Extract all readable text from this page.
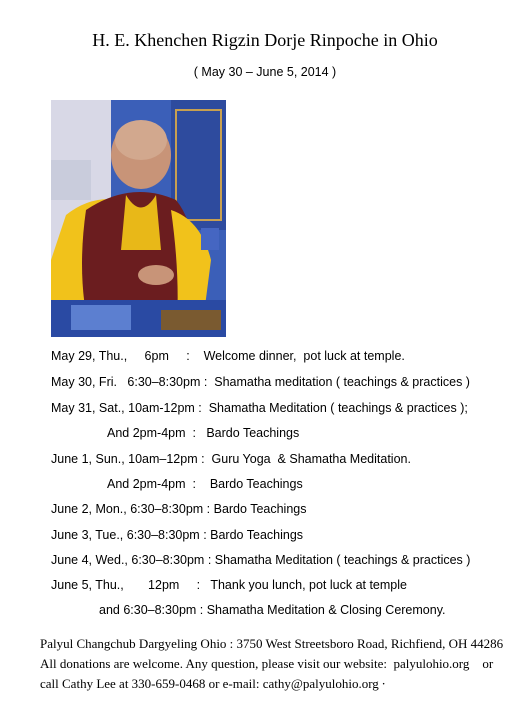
H. E. Khenchen Rigzin Dorje Rinpoche in Ohio
( May 30 – June 5, 2014 )
May 29, Thu.,     6pm     :    Welcome dinner,  pot luck at temple.
May 30, Fri.   6:30–8:30pm :  Shamatha meditation ( teachings & practices )
May 31, Sat., 10am-12pm :  Shamatha Meditation ( teachings & practices );
And 2pm-4pm  :   Bardo Teachings
June 1, Sun., 10am–12pm :  Guru Yoga  & Shamatha Meditation.
And 2pm-4pm  :    Bardo Teachings
June 2, Mon., 6:30–8:30pm : Bardo Teachings
June 3, Tue., 6:30–8:30pm : Bardo Teachings
June 4, Wed., 6:30–8:30pm : Shamatha Meditation ( teachings & practices )
June 5, Thu.,       12pm     :   Thank you lunch, pot luck at temple
and 6:30–8:30pm : Shamatha Meditation & Closing Ceremony.
Palyul Changchub Dargyeling Ohio : 3750 West Streetsboro Road, Richfiend, OH 44286
All donations are welcome. Any question, please visit our website:  palyulohio.org    or
call Cathy Lee at 330-659-0468 or e-mail: cathy@palyulohio.org ∙
